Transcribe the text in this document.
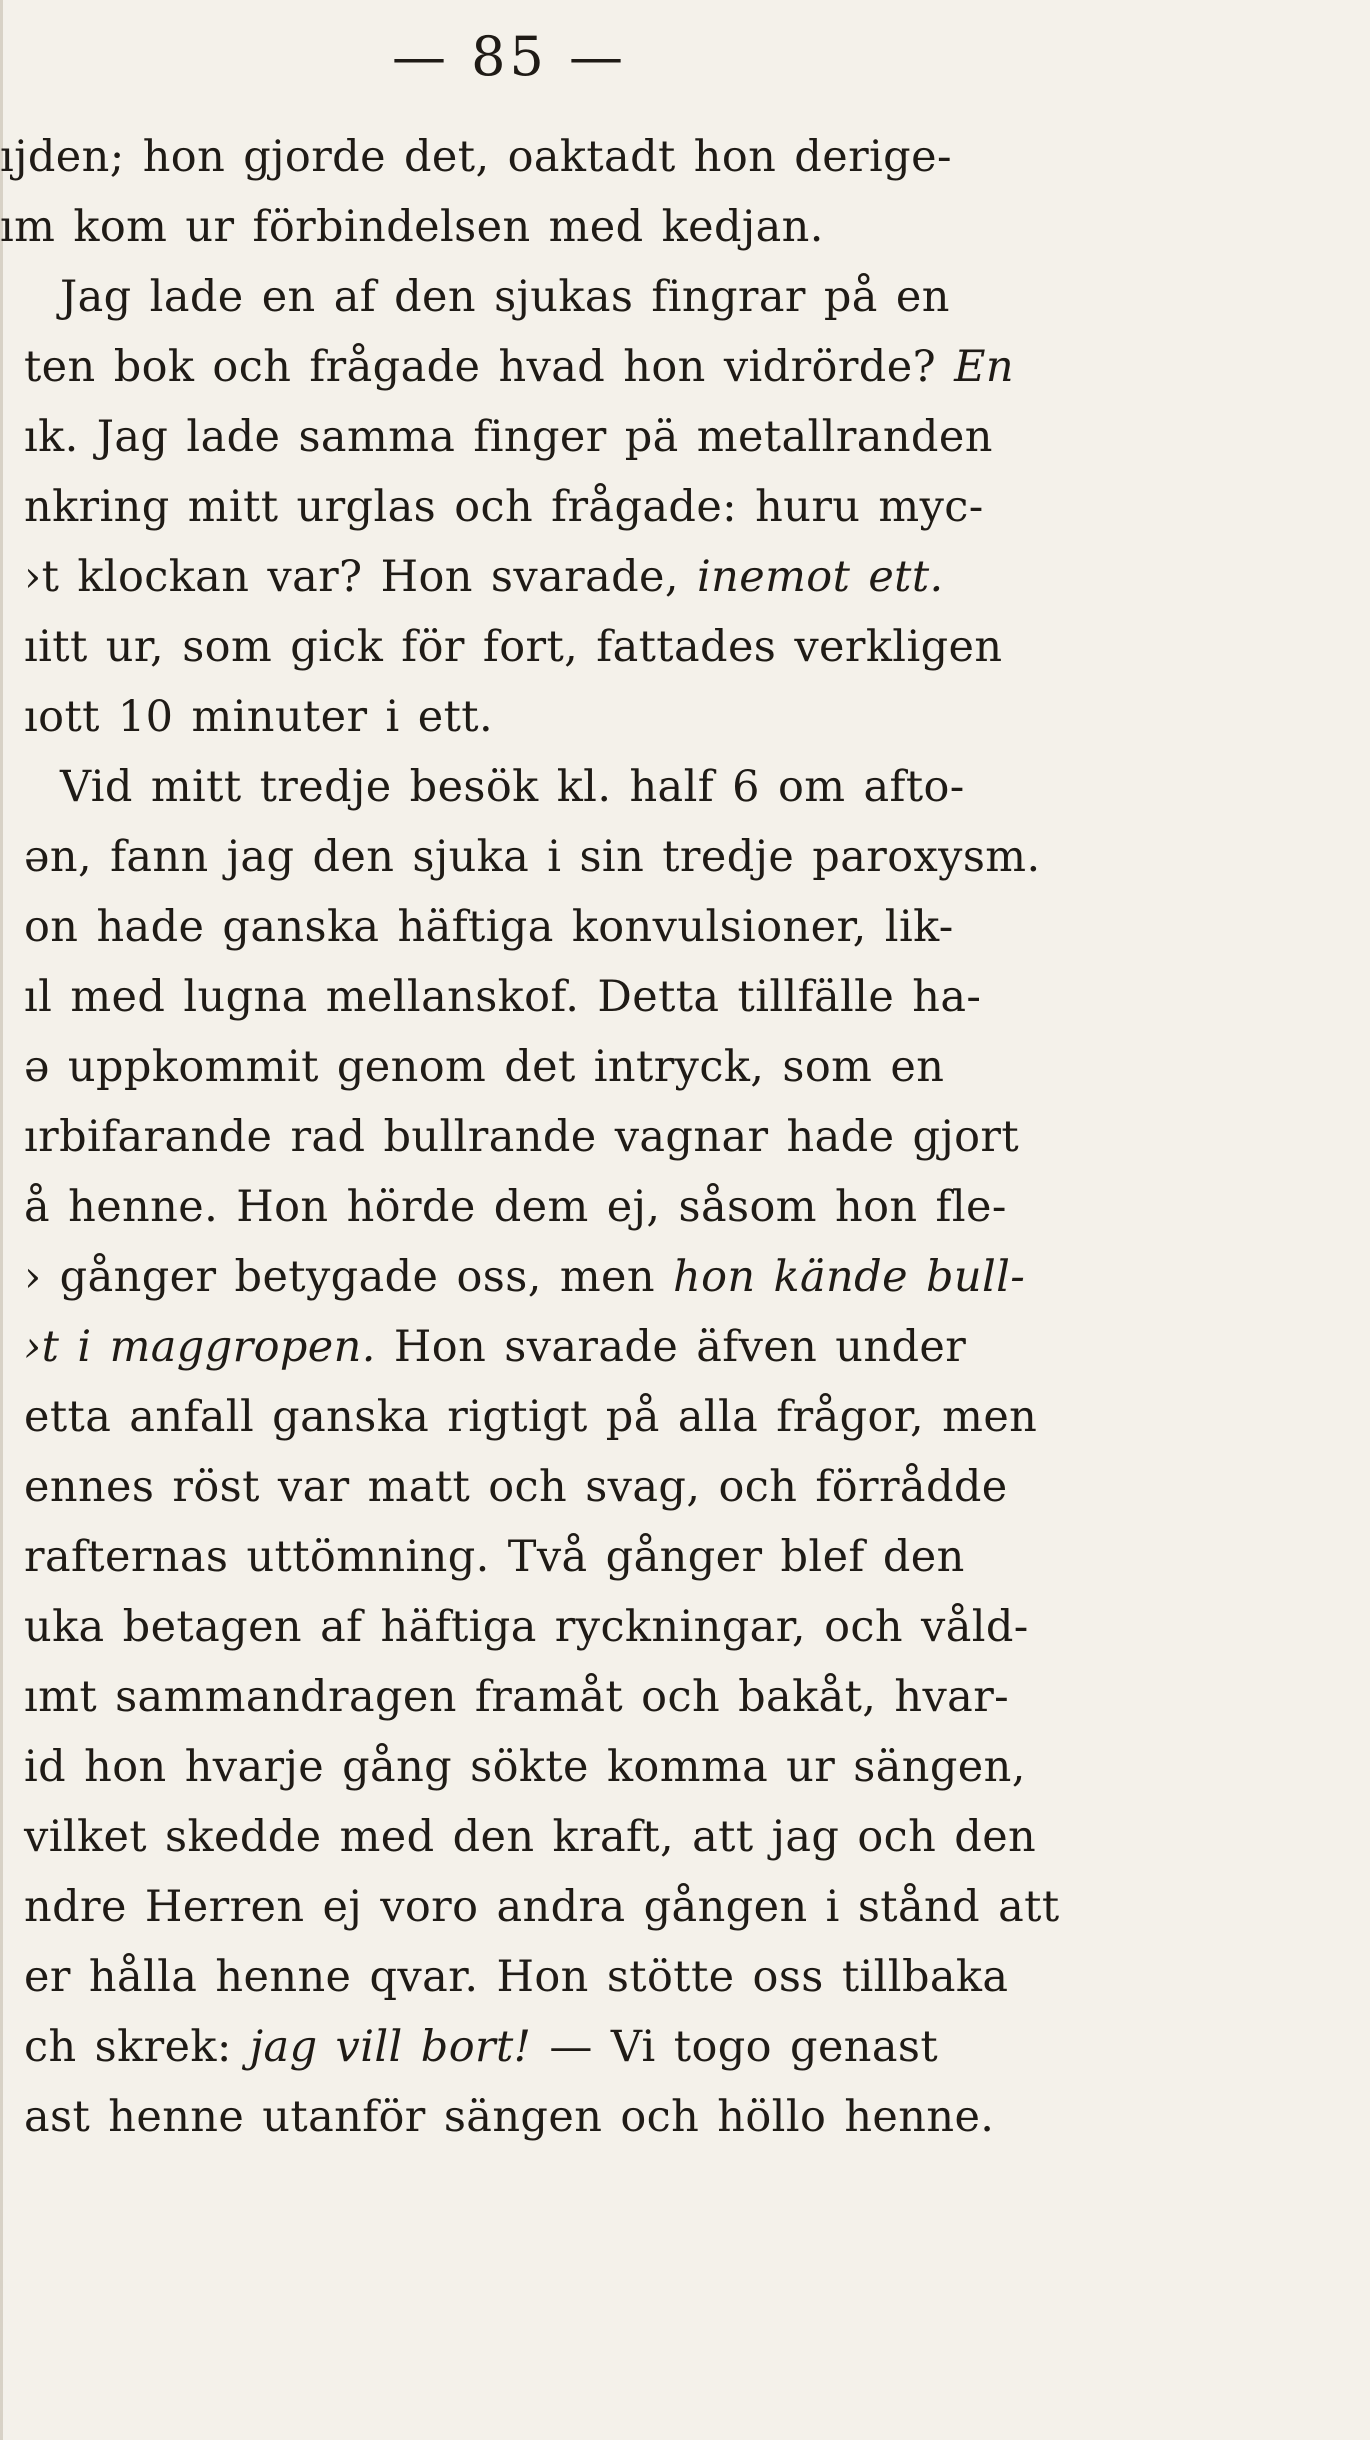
— 85 —
ıjden; hon gjorde det, oaktadt hon derige-
ım kom ur förbindelsen med kedjan.
Jag lade en af den sjukas fingrar på en
ten bok och frågade hvad hon vidrörde? En
ık. Jag lade samma finger pä metallranden
nkring mitt urglas och frågade: huru myc-
›t klockan var? Hon svarade, inemot ett.
ıitt ur, som gick för fort, fattades verkligen
ıott 10 minuter i ett.
Vid mitt tredje besök kl. half 6 om afto-
ən, fann jag den sjuka i sin tredje paroxysm.
on hade ganska häftiga konvulsioner, lik-
ıl med lugna mellanskof. Detta tillfälle ha-
ə uppkommit genom det intryck, som en
ırbifarande rad bullrande vagnar hade gjort
å henne. Hon hörde dem ej, såsom hon fle-
› gånger betygade oss, men hon kände bull-
›t i maggropen. Hon svarade äfven under
etta anfall ganska rigtigt på alla frågor, men
ennes röst var matt och svag, och förrådde
rafternas uttömning. Två gånger blef den
uka betagen af häftiga ryckningar, och våld-
ımt sammandragen framåt och bakåt, hvar-
id hon hvarje gång sökte komma ur sängen,
vilket skedde med den kraft, att jag och den
ndre Herren ej voro andra gången i stånd att
er hålla henne qvar. Hon stötte oss tillbaka
ch skrek: jag vill bort! — Vi togo genast
ast henne utanför sängen och höllo henne.
